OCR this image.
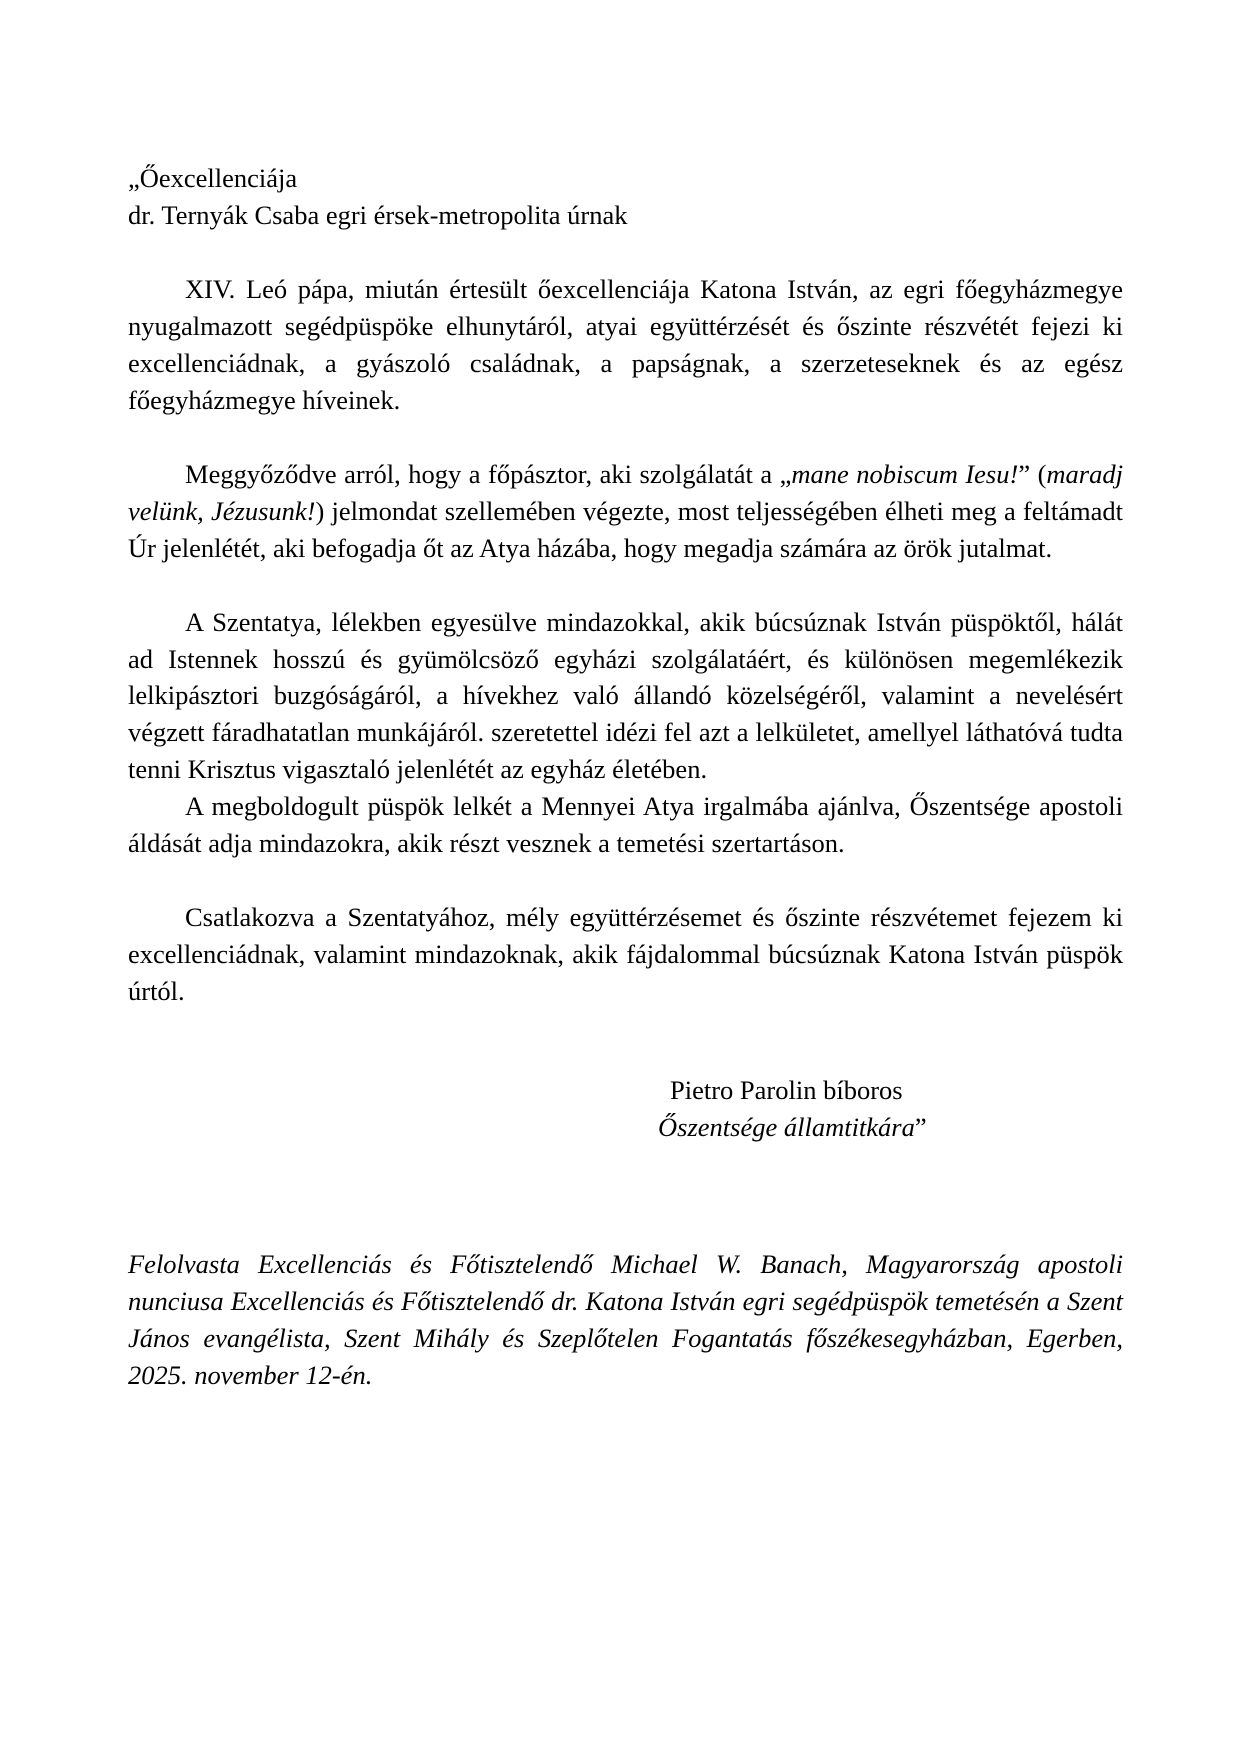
„Őexcellenciája
dr. Ternyák Csaba egri érsek-metropolita úrnak

XIV. Leó pápa, miután értesült őexcellenciája Katona István, az egri főegyházmegye nyugalmazott segédpüspöke elhunytáról, atyai együttérzését és őszinte részvétét fejezi ki excellenciádnak, a gyászoló családnak, a papságnak, a szerzeteseknek és az egész főegyházmegye híveinek.

Meggyőződve arról, hogy a főpásztor, aki szolgálatát a „mane nobiscum Iesu!” (maradj velünk, Jézusunk!) jelmondat szellemében végezte, most teljességében élheti meg a feltámadt Úr jelenlétét, aki befogadja őt az Atya házába, hogy megadja számára az örök jutalmat.

A Szentatya, lélekben egyesülve mindazokkal, akik búcsúznak István püspöktől, hálát ad Istennek hosszú és gyümölcsöző egyházi szolgálatáért, és különösen megemlékezik lelkipásztori buzgóságáról, a hívekhez való állandó közelségéről, valamint a nevelésért végzett fáradhatatlan munkájáról. szeretettel idézi fel azt a lelkületet, amellyel láthatóvá tudta tenni Krisztus vigasztaló jelenlétét az egyház életében.

A megboldogult püspök lelkét a Mennyei Atya irgalmába ajánlva, Őszentsége apostoli áldását adja mindazokra, akik részt vesznek a temetési szertartáson.

Csatlakozva a Szentatyához, mély együttérzésemet és őszinte részvétemet fejezem ki excellenciádnak, valamint mindazoknak, akik fájdalommal búcsúznak Katona István püspök úrtól.

Pietro Parolin bíboros
Őszentsége államtitkára”

Felolvasta Excellenciás és Főtisztelendő Michael W. Banach, Magyarország apostoli nunciusa Excellenciás és Főtisztelendő dr. Katona István egri segédpüspök temetésén a Szent János evangélista, Szent Mihály és Szeplőtelen Fogantatás főszékesegyházban, Egerben, 2025. november 12-én.
